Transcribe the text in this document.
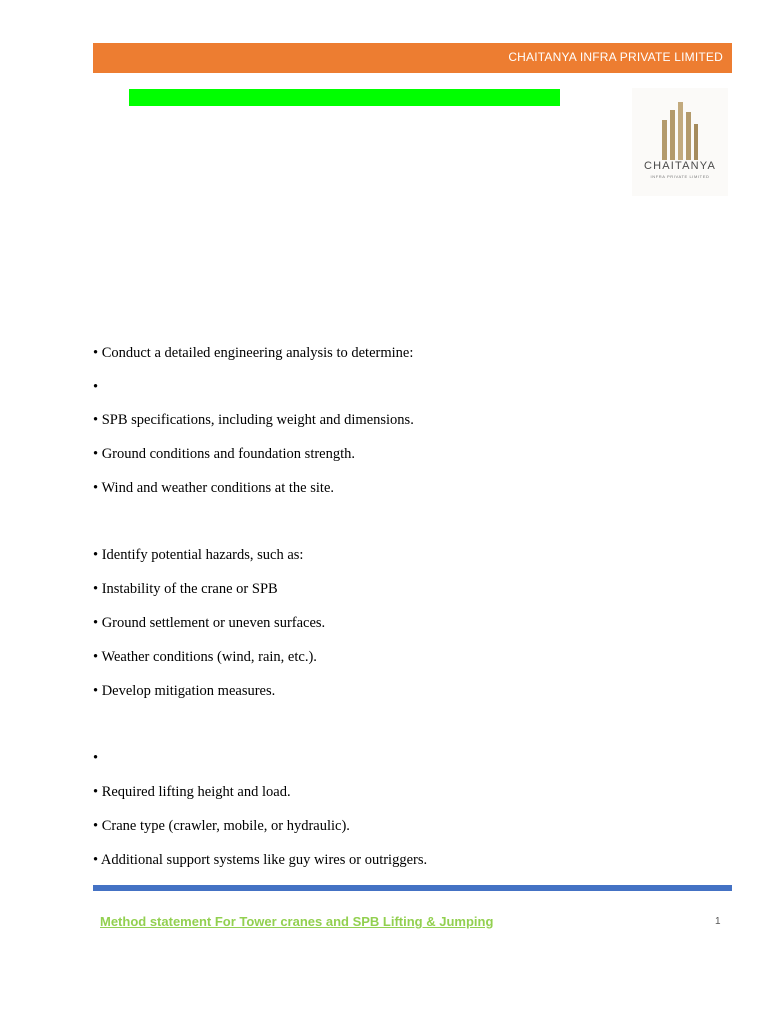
CHAITANYA INFRA PRIVATE LIMITED
CHAITANYA
INFRA PRIVATE LIMITED
• Conduct a detailed engineering analysis to determine:
•
• SPB specifications, including weight and dimensions.
• Ground conditions and foundation strength.
• Wind and weather conditions at the site.
• Identify potential hazards, such as:
• Instability of the crane or SPB
• Ground settlement or uneven surfaces.
• Weather conditions (wind, rain, etc.).
• Develop mitigation measures.
•
• Required lifting height and load.
• Crane type (crawler, mobile, or hydraulic).
• Additional support systems like guy wires or outriggers.
Method statement For Tower cranes and SPB Lifting & Jumping	1
